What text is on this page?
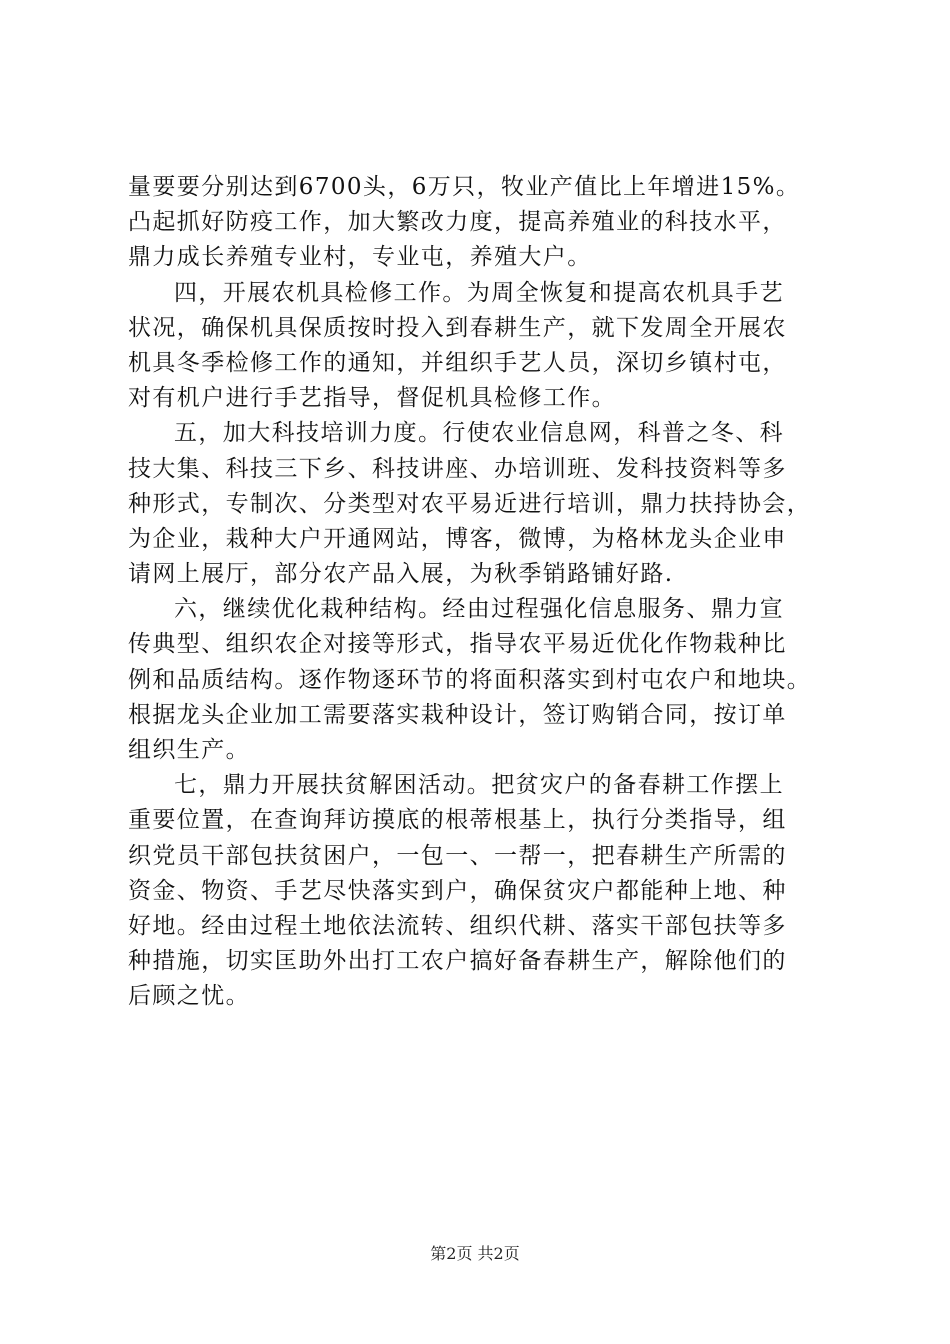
量要要分别达到6700头，6万只，牧业产值比上年增进15%。
凸起抓好防疫工作，加大繁改力度，提高养殖业的科技水平，
鼎力成长养殖专业村，专业屯，养殖大户。
四，开展农机具检修工作。为周全恢复和提高农机具手艺
状况，确保机具保质按时投入到春耕生产，就下发周全开展农
机具冬季检修工作的通知，并组织手艺人员，深切乡镇村屯，
对有机户进行手艺指导，督促机具检修工作。
五，加大科技培训力度。行使农业信息网，科普之冬、科
技大集、科技三下乡、科技讲座、办培训班、发科技资料等多
种形式，专制次、分类型对农平易近进行培训，鼎力扶持协会，
为企业，栽种大户开通网站，博客，微博，为格林龙头企业申
请网上展厅，部分农产品入展，为秋季销路铺好路.
六，继续优化栽种结构。经由过程强化信息服务、鼎力宣
传典型、组织农企对接等形式，指导农平易近优化作物栽种比
例和品质结构。逐作物逐环节的将面积落实到村屯农户和地块。
根据龙头企业加工需要落实栽种设计，签订购销合同，按订单
组织生产。
七，鼎力开展扶贫解困活动。把贫灾户的备春耕工作摆上
重要位置，在查询拜访摸底的根蒂根基上，执行分类指导，组
织党员干部包扶贫困户，一包一、一帮一，把春耕生产所需的
资金、物资、手艺尽快落实到户，确保贫灾户都能种上地、种
好地。经由过程土地依法流转、组织代耕、落实干部包扶等多
种措施，切实匡助外出打工农户搞好备春耕生产，解除他们的
后顾之忧。
第2页 共2页
